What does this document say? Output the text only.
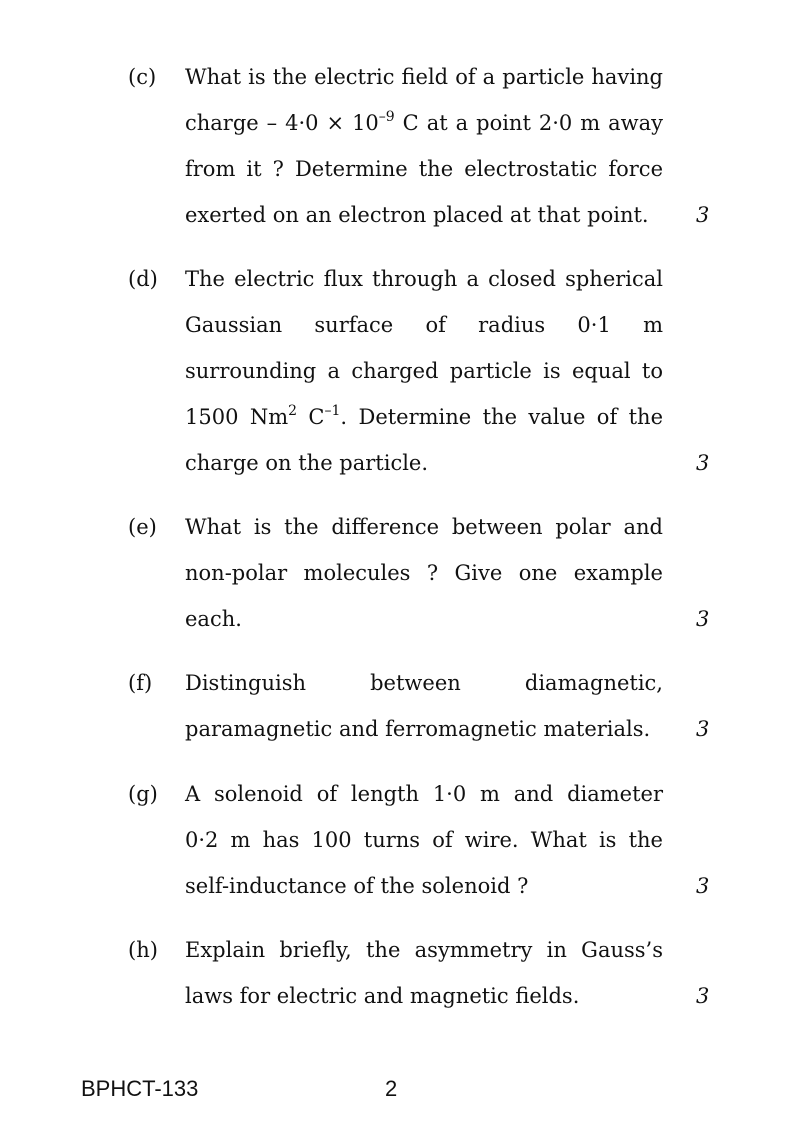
(c) What is the electric field of a particle having
charge – $4\cdot 0 \times 10^{-9}$ C at a point 2·0 m away
from it ? Determine the electrostatic force
exerted on an electron placed at that point.	3
(d) The electric flux through a closed spherical
Gaussian surface of radius 0·1 m
surrounding a charged particle is equal to
1500 Nm$^2$ $C^{-1}$. Determine the value of the
charge on the particle.	3
(e) What is the difference between polar and
non-polar molecules ? Give one example
each.	3
(f) Distinguish between diamagnetic,
paramagnetic and ferromagnetic materials.	3
(g) A solenoid of length 1·0 m and diameter
0·2 m has 100 turns of wire. What is the
self-inductance of the solenoid ?	3
(h) Explain briefly, the asymmetry in Gauss’s
laws for electric and magnetic fields.	3
BPHCT-133	2
